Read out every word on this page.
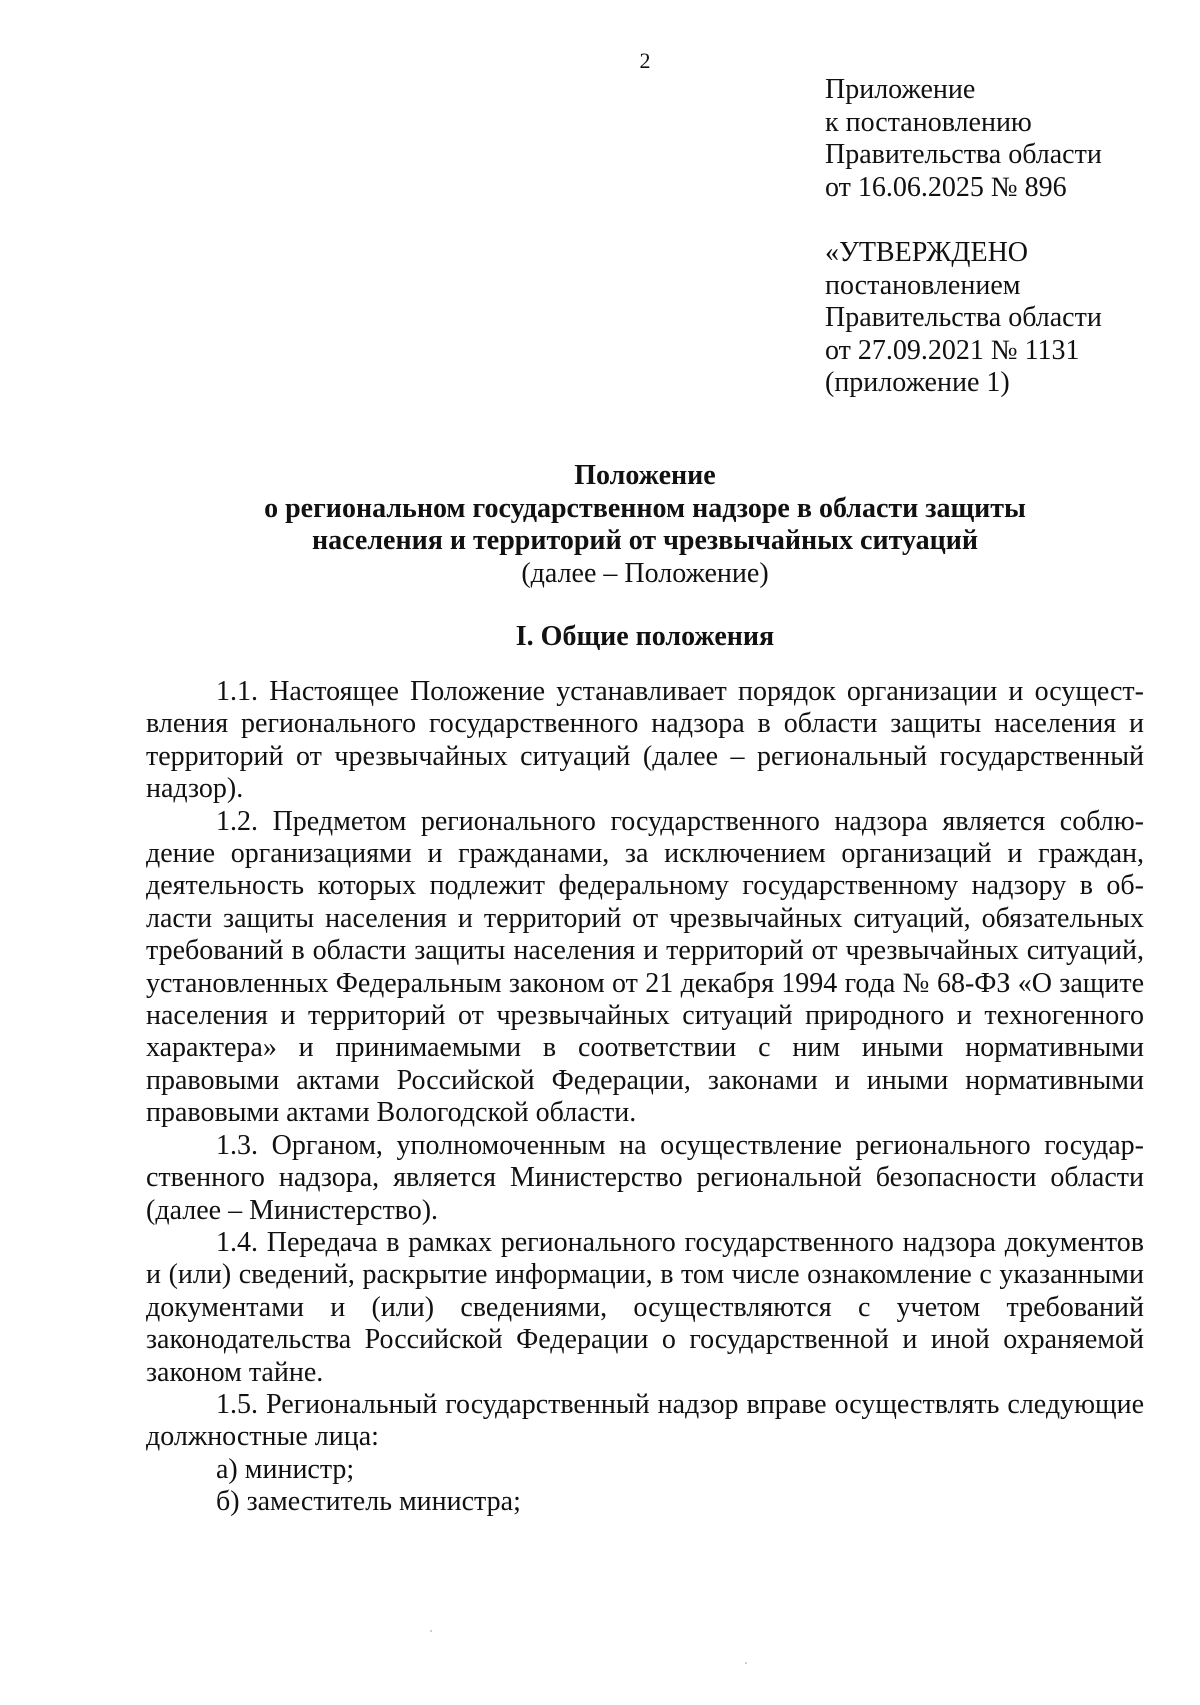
2
Приложение
к постановлению
Правительства области
от 16.06.2025 № 896
«УТВЕРЖДЕНО
постановлением
Правительства области
от 27.09.2021 № 1131
(приложение 1)
Положение
о региональном государственном надзоре в области защиты
населения и территорий от чрезвычайных ситуаций
(далее – Положение)
I. Общие положения

1.1. Настоящее Положение устанавливает порядок организации и осуществления регионального государственного надзора в области защиты населения и территорий от чрезвычайных ситуаций (далее – региональный государственный надзор).

1.2. Предметом регионального государственного надзора является соблюдение организациями и гражданами, за исключением организаций и граждан, деятельность которых подлежит федеральному государственному надзору в области защиты населения и территорий от чрезвычайных ситуаций, обязательных требований в области защиты населения и территорий от чрезвычайных ситуаций, установленных Федеральным законом от 21 декабря 1994 года № 68-ФЗ «О защите населения и территорий от чрезвычайных ситуаций природного и техногенного характера» и принимаемыми в соответствии с ним иными нормативными правовыми актами Российской Федерации, законами и иными нормативными правовыми актами Вологодской области.

1.3. Органом, уполномоченным на осуществление регионального государственного надзора, является Министерство региональной безопасности области (далее – Министерство).

1.4. Передача в рамках регионального государственного надзора документов и (или) сведений, раскрытие информации, в том числе ознакомление с указанными документами и (или) сведениями, осуществляются с учетом требований законодательства Российской Федерации о государственной и иной охраняемой законом тайне.

1.5. Региональный государственный надзор вправе осуществлять следующие должностные лица:

а) министр;

б) заместитель министра;
